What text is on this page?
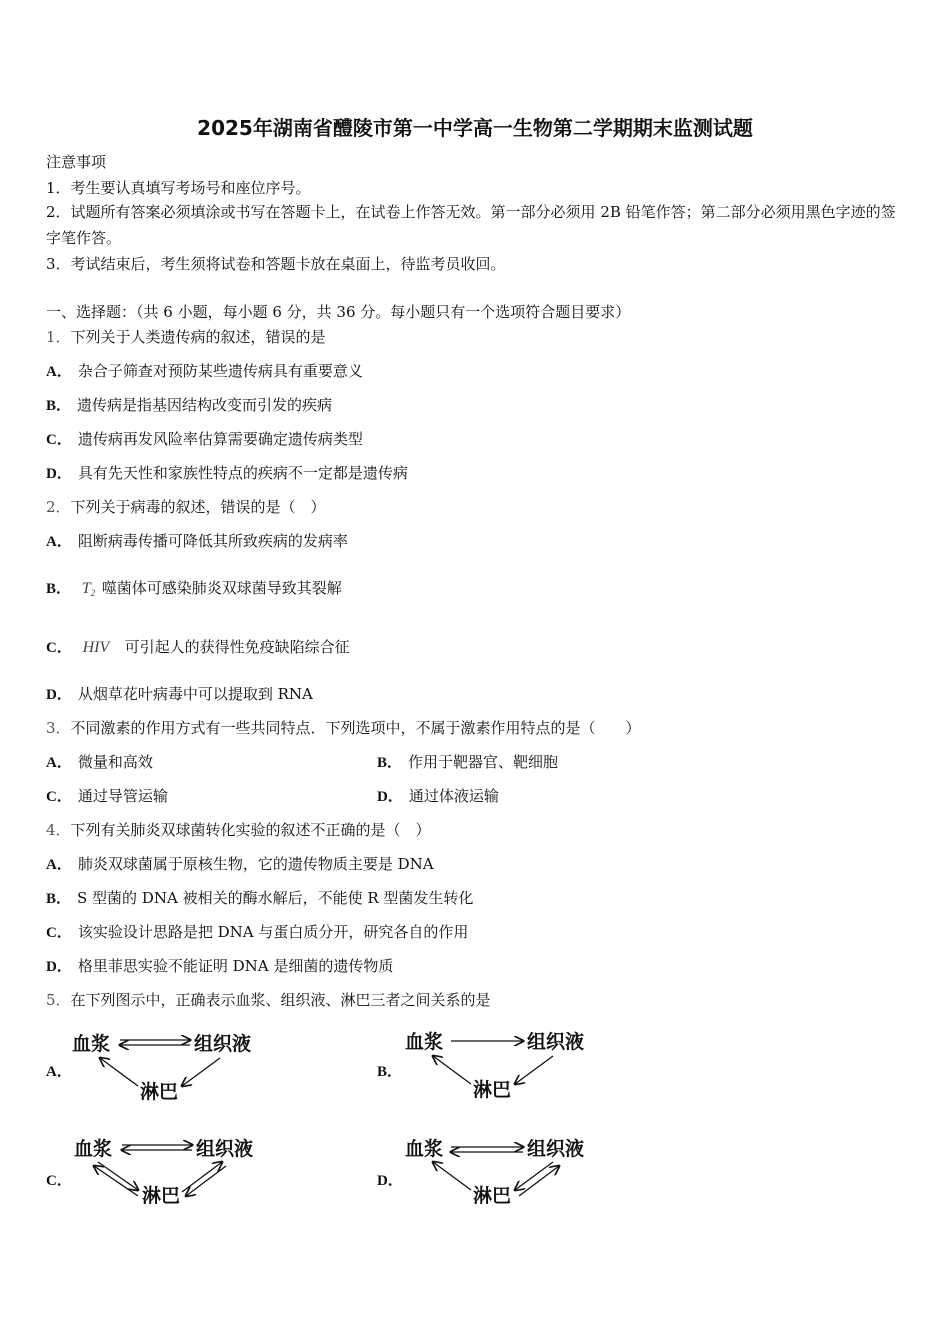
2025年湖南省醴陵市第一中学高一生物第二学期期末监测试题
注意事项
1．考生要认真填写考场号和座位序号。
2．试题所有答案必须填涂或书写在答题卡上，在试卷上作答无效。第一部分必须用 2B 铅笔作答；第二部分必须用黑色字迹的签字笔作答。
3．考试结束后，考生须将试卷和答题卡放在桌面上，待监考员收回。
一、选择题：（共 6 小题，每小题 6 分，共 36 分。每小题只有一个选项符合题目要求）
1．下列关于人类遗传病的叙述，错误的是
A． 杂合子筛查对预防某些遗传病具有重要意义
B． 遗传病是指基因结构改变而引发的疾病
C． 遗传病再发风险率估算需要确定遗传病类型
D． 具有先天性和家族性特点的疾病不一定都是遗传病
2．下列关于病毒的叙述，错误的是（　）
A． 阻断病毒传播可降低其所致疾病的发病率
B． $T_2$ 噬菌体可感染肺炎双球菌导致其裂解
C． HIV 可引起人的获得性免疫缺陷综合征
D． 从烟草花叶病毒中可以提取到 RNA
3．不同激素的作用方式有一些共同特点．下列选项中，不属于激素作用特点的是（　　）
A． 微量和高效	B． 作用于靶器官、靶细胞
C． 通过导管运输	D． 通过体液运输
4．下列有关肺炎双球菌转化实验的叙述不正确的是（　）
A． 肺炎双球菌属于原核生物，它的遗传物质主要是 DNA
B． S 型菌的 DNA 被相关的酶水解后，不能使 R 型菌发生转化
C． 该实验设计思路是把 DNA 与蛋白质分开，研究各自的作用
D． 格里菲思实验不能证明 DNA 是细菌的遗传物质
5．在下列图示中，正确表示血浆、组织液、淋巴三者之间关系的是
A．
血浆	组织液
淋巴
B．
血浆	组织液
淋巴
C．
血浆	组织液
淋巴
D．
血浆	组织液
淋巴
